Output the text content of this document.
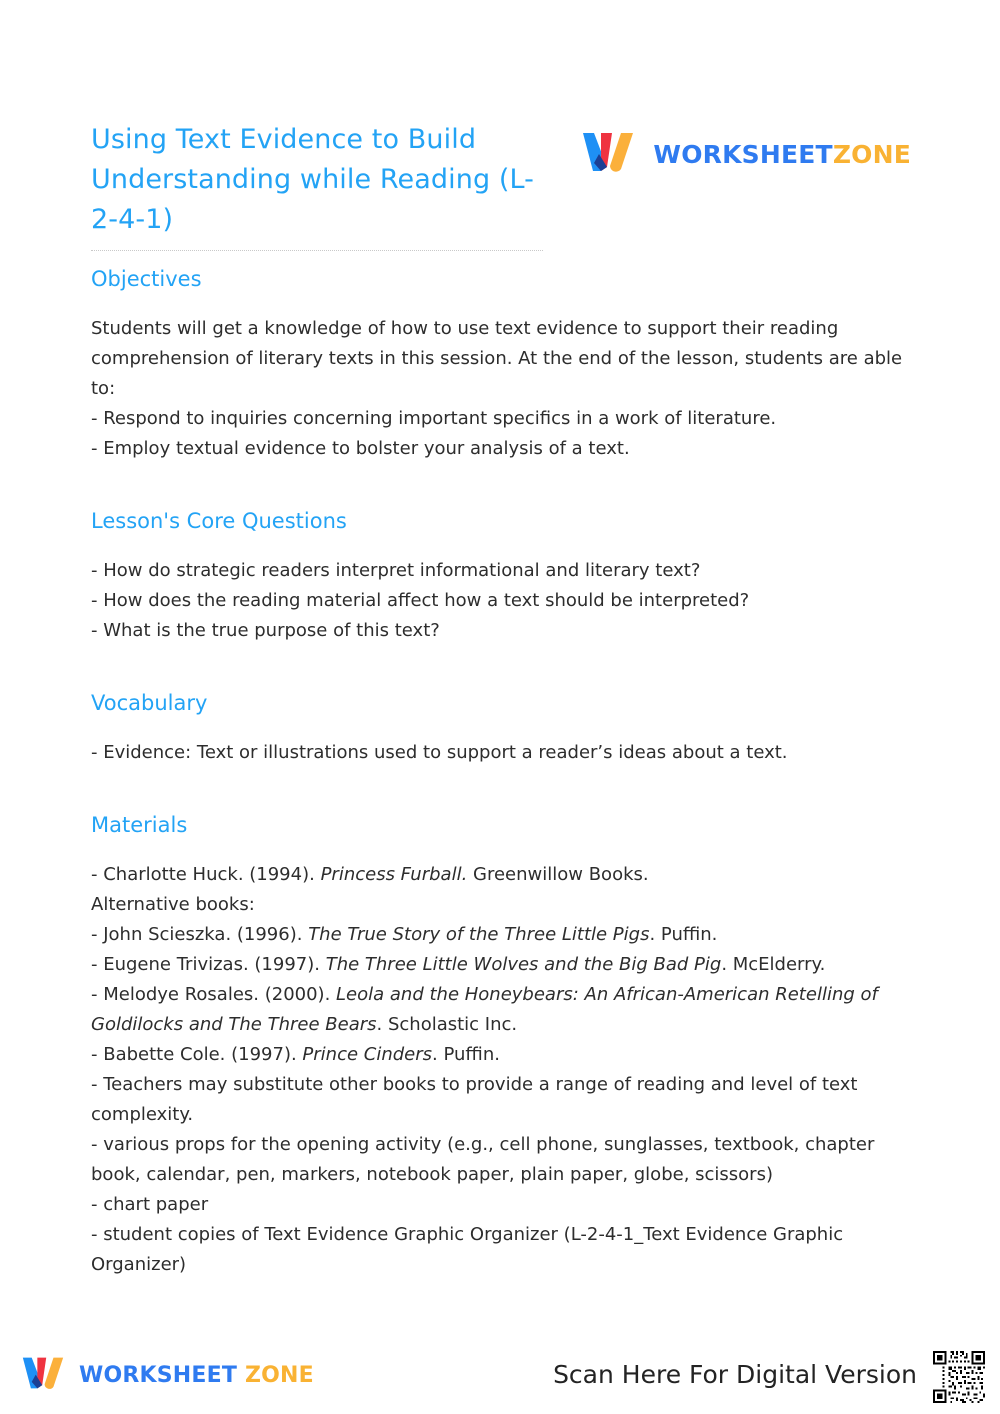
Using Text Evidence to Build Understanding while Reading (L-2-4-1)
WORKSHEETZONE
Objectives

Students will get a knowledge of how to use text evidence to support their reading comprehension of literary texts in this session. At the end of the lesson, students are able to:

- Respond to inquiries concerning important specifics in a work of literature.

- Employ textual evidence to bolster your analysis of a text.

Lesson's Core Questions

- How do strategic readers interpret informational and literary text?

- How does the reading material affect how a text should be interpreted?

- What is the true purpose of this text?

Vocabulary

- Evidence: Text or illustrations used to support a reader’s ideas about a text.

Materials

- Charlotte Huck. (1994). Princess Furball. Greenwillow Books.

Alternative books:

- John Scieszka. (1996). The True Story of the Three Little Pigs. Puffin.

- Eugene Trivizas. (1997). The Three Little Wolves and the Big Bad Pig. McElderry.

- Melodye Rosales. (2000). Leola and the Honeybears: An African-American Retelling of Goldilocks and The Three Bears. Scholastic Inc.

- Babette Cole. (1997). Prince Cinders. Puffin.

- Teachers may substitute other books to provide a range of reading and level of text complexity.

- various props for the opening activity (e.g., cell phone, sunglasses, textbook, chapter book, calendar, pen, markers, notebook paper, plain paper, globe, scissors)

- chart paper

- student copies of Text Evidence Graphic Organizer (L-2-4-1_Text Evidence Graphic Organizer)

WORKSHEET ZONE	Scan Here For Digital Version
